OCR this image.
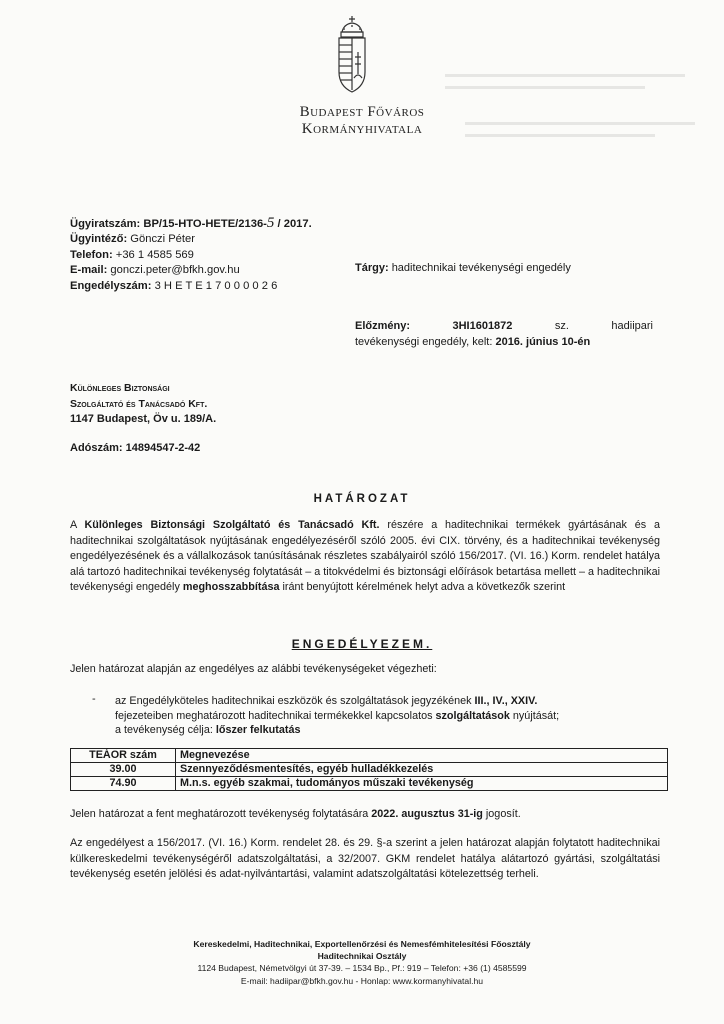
Budapest Főváros
Kormányhivatala
Ügyiratszám: BP/15-HTO-HETE/2136-5 / 2017.
Ügyintéző: Gönczi Péter
Telefon: +36 1 4585 569
E-mail: gonczi.peter@bfkh.gov.hu
Engedélyszám: 3 H E T E 1 7 0 0 0 0 2 6
Tárgy: haditechnikai tevékenységi engedély
Előzmény:	3HI1601872	sz.	hadiipari
tevékenységi engedély, kelt: 2016. június 10-én
Különleges Biztonsági
Szolgáltató és Tanácsadó Kft.
1147 Budapest, Öv u. 189/A.
Adószám: 14894547-2-42
HATÁROZAT
A Különleges Biztonsági Szolgáltató és Tanácsadó Kft. részére a haditechnikai termékek gyártásának és a haditechnikai szolgáltatások nyújtásának engedélyezéséről szóló 2005. évi CIX. törvény, és a haditechnikai tevékenység engedélyezésének és a vállalkozások tanúsításának részletes szabályairól szóló 156/2017. (VI. 16.) Korm. rendelet hatálya alá tartozó haditechnikai tevékenység folytatását – a titokvédelmi és biztonsági előírások betartása mellett – a haditechnikai tevékenységi engedély meghosszabbítása iránt benyújtott kérelmének helyt adva a következők szerint
ENGEDÉLYEZEM.
Jelen határozat alapján az engedélyes az alábbi tevékenységeket végezheti:
- az Engedélyköteles haditechnikai eszközök és szolgáltatások jegyzékének III., IV., XXIV.
fejezeteiben meghatározott haditechnikai termékekkel kapcsolatos szolgáltatások nyújtását;
a tevékenység célja: lőszer felkutatás
TEÁOR szám	Megnevezése
39.00	Szennyeződésmentesítés, egyéb hulladékkezelés
74.90	M.n.s. egyéb szakmai, tudományos műszaki tevékenység
Jelen határozat a fent meghatározott tevékenység folytatására 2022. augusztus 31-ig jogosít.
Az engedélyest a 156/2017. (VI. 16.) Korm. rendelet 28. és 29. §-a szerint a jelen határozat alapján folytatott haditechnikai külkereskedelmi tevékenységéről adatszolgáltatási, a 32/2007. GKM rendelet hatálya alátartozó gyártási, szolgáltatási tevékenység esetén jelölési és adat-nyilvántartási, valamint adatszolgáltatási kötelezettség terheli.
Kereskedelmi, Haditechnikai, Exportellenőrzési és Nemesfémhitelesítési Főosztály
Haditechnikai Osztály
1124 Budapest, Németvölgyi út 37-39. – 1534 Bp., Pf.: 919 – Telefon: +36 (1) 4585599
E-mail: hadiipar@bfkh.gov.hu - Honlap: www.kormanyhivatal.hu
